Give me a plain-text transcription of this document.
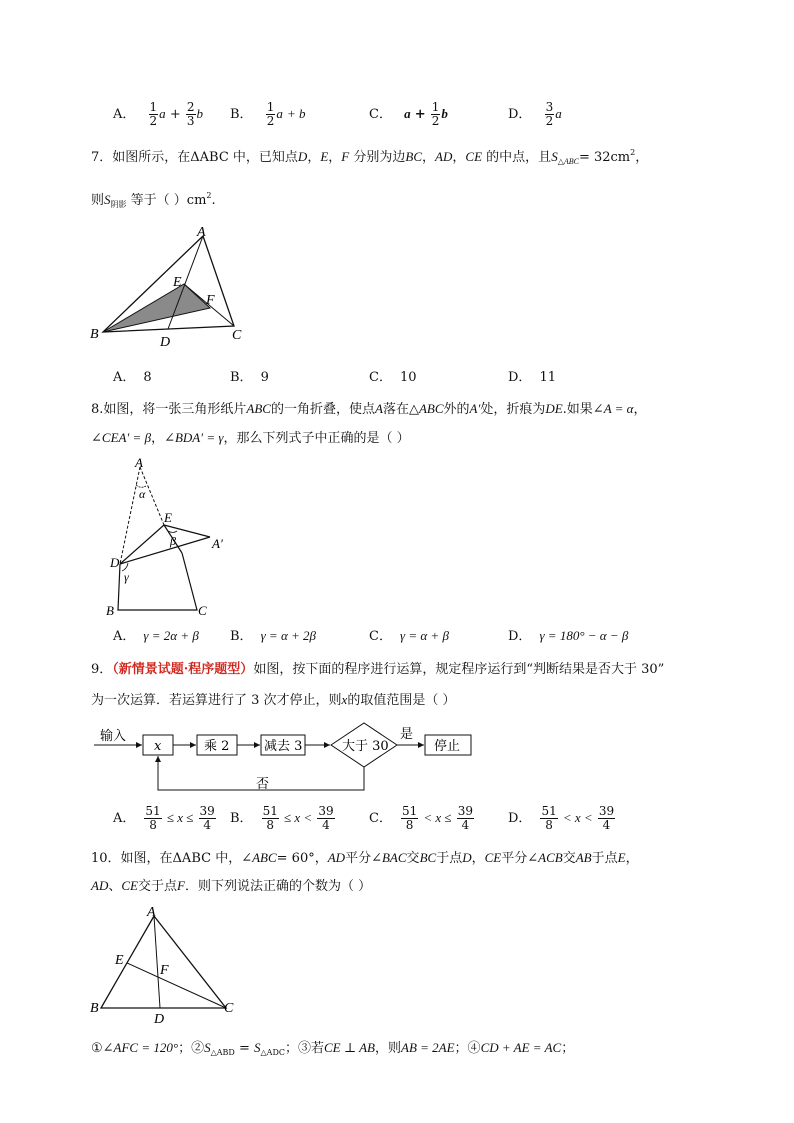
A． $\frac{1}{2}$ $a + \frac{2}{3}$ b B． $\frac{1}{2}$ a + b	C． $a + \frac{1}{2}$ b	D． $\frac{3}{2}$ a
7．如图所示，在ΔABC 中，已知点D，E，F 分别为边BC，AD，CE 的中点，且$S_{\triangle ABC}= 32cm^2$，
则$S_{阴影}$ 等于（ ）$cm^2$.
A
E
F
B	C
D
A． 8	B． 9	C． 10	D． 11
8.如图，将一张三角形纸片ABC的一角折叠，使点A落在△ABC外的A′处，折痕为DE.如果∠A = α，
∠CEA′ = β，∠BDA′ = γ，那么下列式子中正确的是（ ）
A
α
E
β	A′
D
γ
B	C
A． γ = 2α + β B． γ = α + 2β	C． γ = α + β	D． γ = 180° − α − β
9．（新情景试题·程序题型）如图，按下面的程序进行运算，规定程序运行到“判断结果是否大于 30”
为一次运算．若运算进行了 3 次才停止，则x的取值范围是（ ）
输入
x	乘 2	减去 3	大于 30
是
停止
否
A． $\frac{51}{8} \le x \le \frac{39}{4}$ B． $\frac{51}{8} \le x < \frac{39}{4}$	C． $\frac{51}{8} < x \le \frac{39}{4}$	D． $\frac{51}{8} < x < \frac{39}{4}$
10．如图，在ΔABC 中，∠ABC= 60°，AD平分∠BAC交BC于点D，CE平分∠ACB交AB于点E，
AD、CE交于点F．则下列说法正确的个数为（ ）
A
E
F
B
D
C
①∠AFC = 120°；$②S_{\triangle ABD} = S_{\triangle ADC}$；③若CE ⊥ AB，则AB = 2AE；④CD + AE = AC；
